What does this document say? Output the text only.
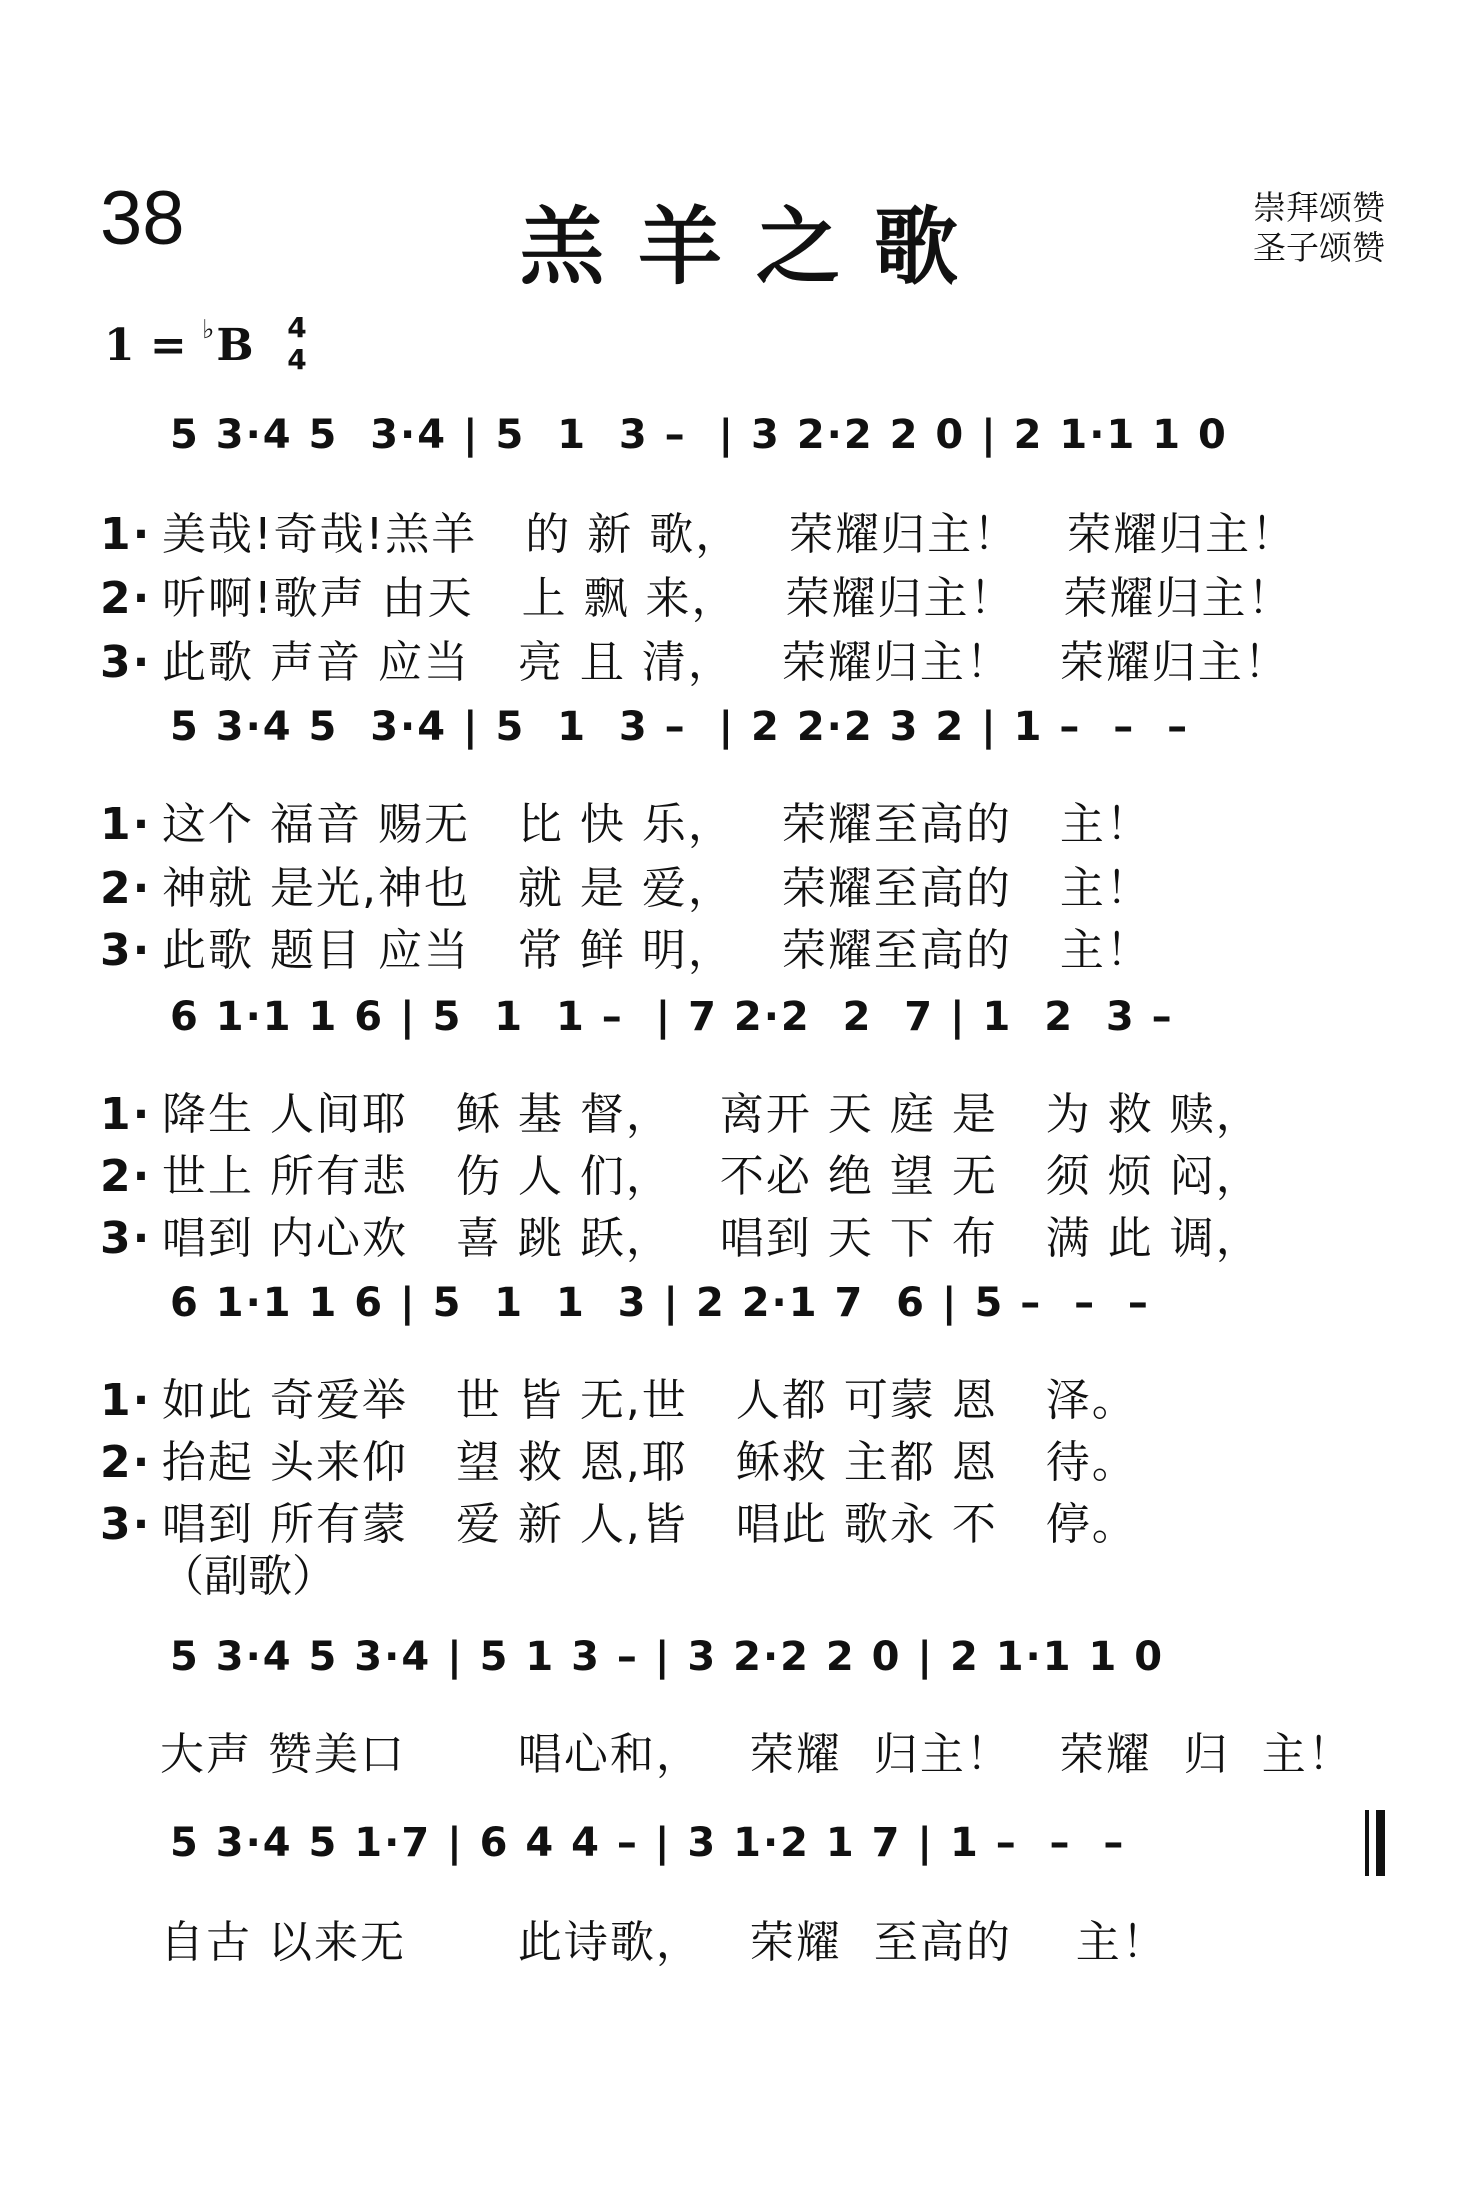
38	羔羊之歌	崇拜颂赞
圣子颂赞
1 = ♭B 4
4
5 3·4 5  3·4 | 5  1  3 –  | 3 2·2 2 0 | 2 1·1 1 0
1· 美哉!奇哉!羔羊   的 新 歌，   荣耀归主！   荣耀归主！
2· 听啊!歌声 由天   上 飘 来，   荣耀归主！   荣耀归主！
3· 此歌 声音 应当   亮 且 清，   荣耀归主！   荣耀归主！
5 3·4 5  3·4 | 5  1  3 –  | 2 2·2 3 2 | 1 –  –  –
1· 这个 福音 赐无   比 快 乐，   荣耀至高的   主！
2· 神就 是光,神也   就 是 爱，   荣耀至高的   主！
3· 此歌 题目 应当   常 鲜 明，   荣耀至高的   主！
6 1·1 1 6 | 5  1  1 –  | 7 2·2  2  7 | 1  2  3 –
1· 降生 人间耶   稣 基 督，   离开 天 庭 是   为 救 赎，
2· 世上 所有悲   伤 人 们，   不必 绝 望 无   须 烦 闷，
3· 唱到 内心欢   喜 跳 跃，   唱到 天 下 布   满 此 调，
6 1·1 1 6 | 5  1  1  3 | 2 2·1 7  6 | 5 –  –  –
1· 如此 奇爱举   世 皆 无,世   人都 可蒙 恩   泽。
2· 抬起 头来仰   望 救 恩,耶   稣救 主都 恩   待。
3· 唱到 所有蒙   爱 新 人,皆   唱此 歌永 不   停。
（副歌）
5 3·4 5 3·4 | 5 1 3 – | 3 2·2 2 0 | 2 1·1 1 0
大声 赞美口       唱心和，   荣耀  归主！   荣耀  归  主！
5 3·4 5 1·7 | 6 4 4 – | 3 1·2 1 7 | 1 –  –  –
自古 以来无       此诗歌，   荣耀  至高的    主！
